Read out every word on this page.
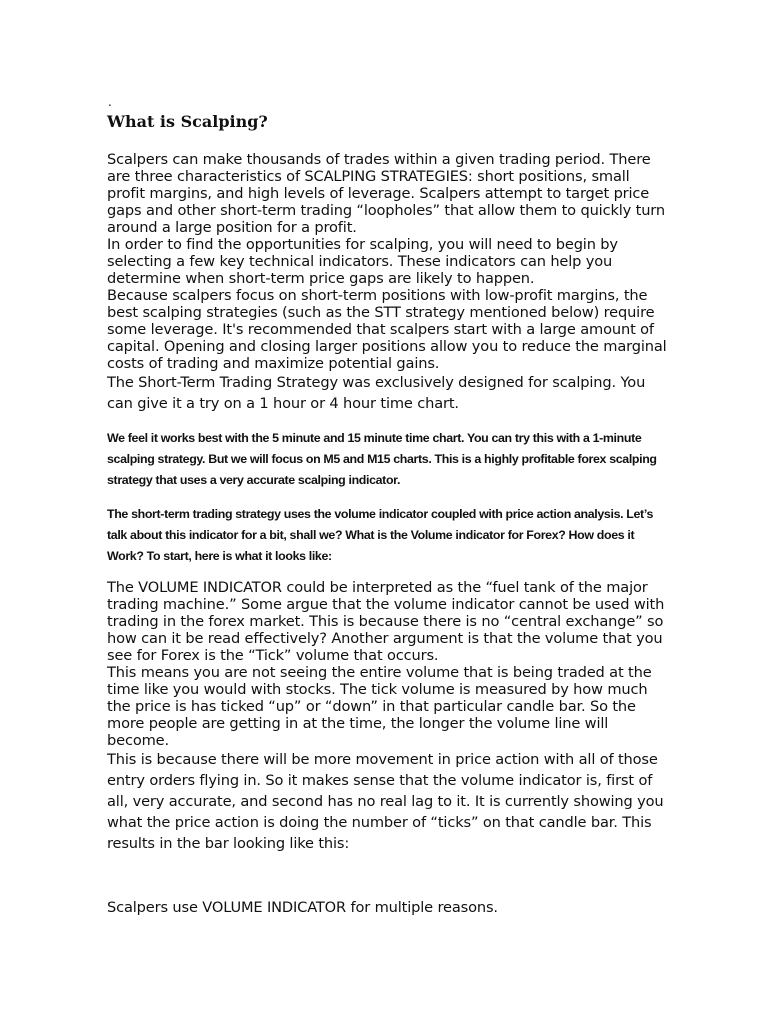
.
What is Scalping?

Scalpers can make thousands of trades within a given trading period. There are three characteristics of SCALPING STRATEGIES: short positions, small profit margins, and high levels of leverage. Scalpers attempt to target price gaps and other short-term trading “loopholes” that allow them to quickly turn around a large position for a profit.

In order to find the opportunities for scalping, you will need to begin by selecting a few key technical indicators. These indicators can help you determine when short-term price gaps are likely to happen.

Because scalpers focus on short-term positions with low-profit margins, the best scalping strategies (such as the STT strategy mentioned below) require some leverage. It's recommended that scalpers start with a large amount of capital. Opening and closing larger positions allow you to reduce the marginal costs of trading and maximize potential gains.

The Short-Term Trading Strategy was exclusively designed for scalping. You can give it a try on a 1 hour or 4 hour time chart.

We feel it works best with the 5 minute and 15 minute time chart. You can try this with a 1-minute scalping strategy. But we will focus on M5 and M15 charts. This is a highly profitable forex scalping strategy that uses a very accurate scalping indicator.

The short-term trading strategy uses the volume indicator coupled with price action analysis. Let’s talk about this indicator for a bit, shall we? What is the Volume indicator for Forex? How does it Work? To start, here is what it looks like:

The VOLUME INDICATOR could be interpreted as the “fuel tank of the major trading machine.” Some argue that the volume indicator cannot be used with trading in the forex market. This is because there is no “central exchange” so how can it be read effectively? Another argument is that the volume that you see for Forex is the “Tick” volume that occurs.

This means you are not seeing the entire volume that is being traded at the time like you would with stocks. The tick volume is measured by how much the price is has ticked “up” or “down” in that particular candle bar. So the more people are getting in at the time, the longer the volume line will become.

This is because there will be more movement in price action with all of those entry orders flying in. So it makes sense that the volume indicator is, first of all, very accurate, and second has no real lag to it. It is currently showing you what the price action is doing the number of “ticks” on that candle bar. This results in the bar looking like this:

Scalpers use VOLUME INDICATOR for multiple reasons.
